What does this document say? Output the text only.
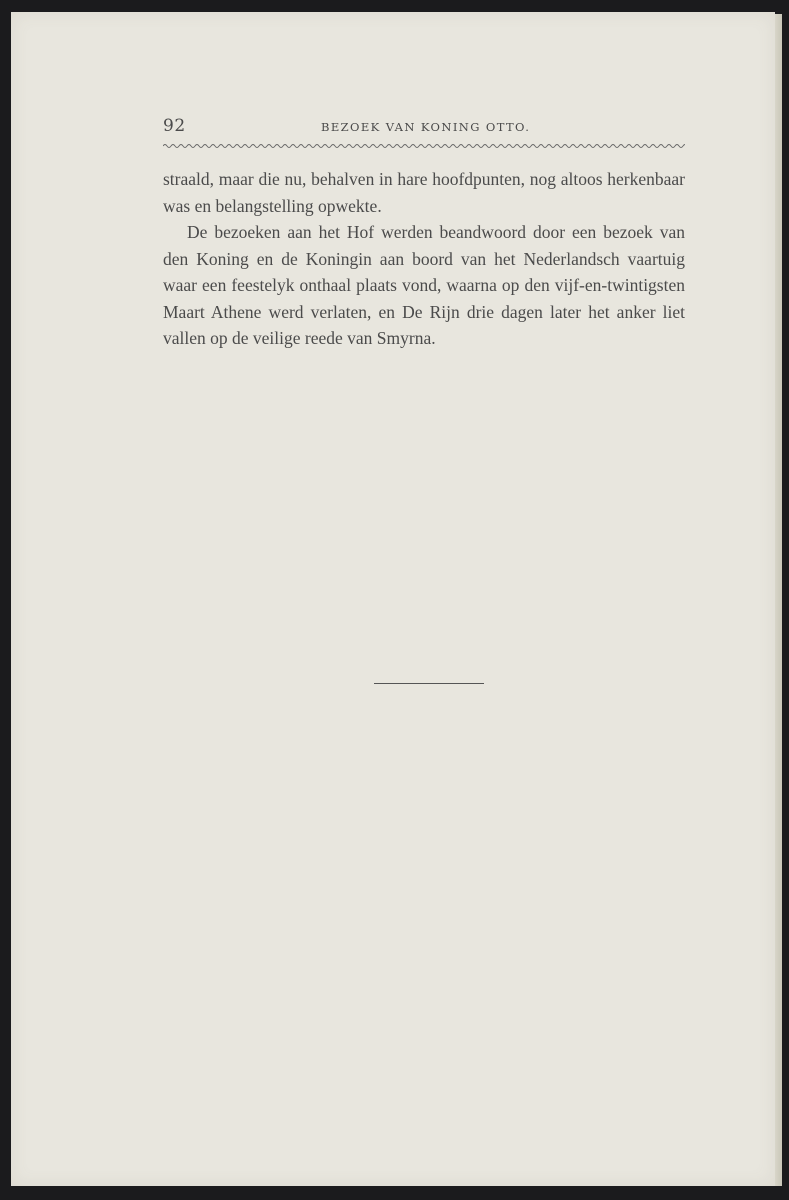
92	BEZOEK VAN KONING OTTO.

straald, maar die nu, behalven in hare hoofdpunten, nog altoos herkenbaar was en belangstelling opwekte.

De bezoeken aan het Hof werden beandwoord door een bezoek van den Koning en de Koningin aan boord van het Nederlandsch vaartuig waar een feestelyk onthaal plaats vond, waarna op den vijf-en-twintigsten Maart Athene werd verlaten, en De Rijn drie dagen later het anker liet vallen op de veilige reede van Smyrna.
